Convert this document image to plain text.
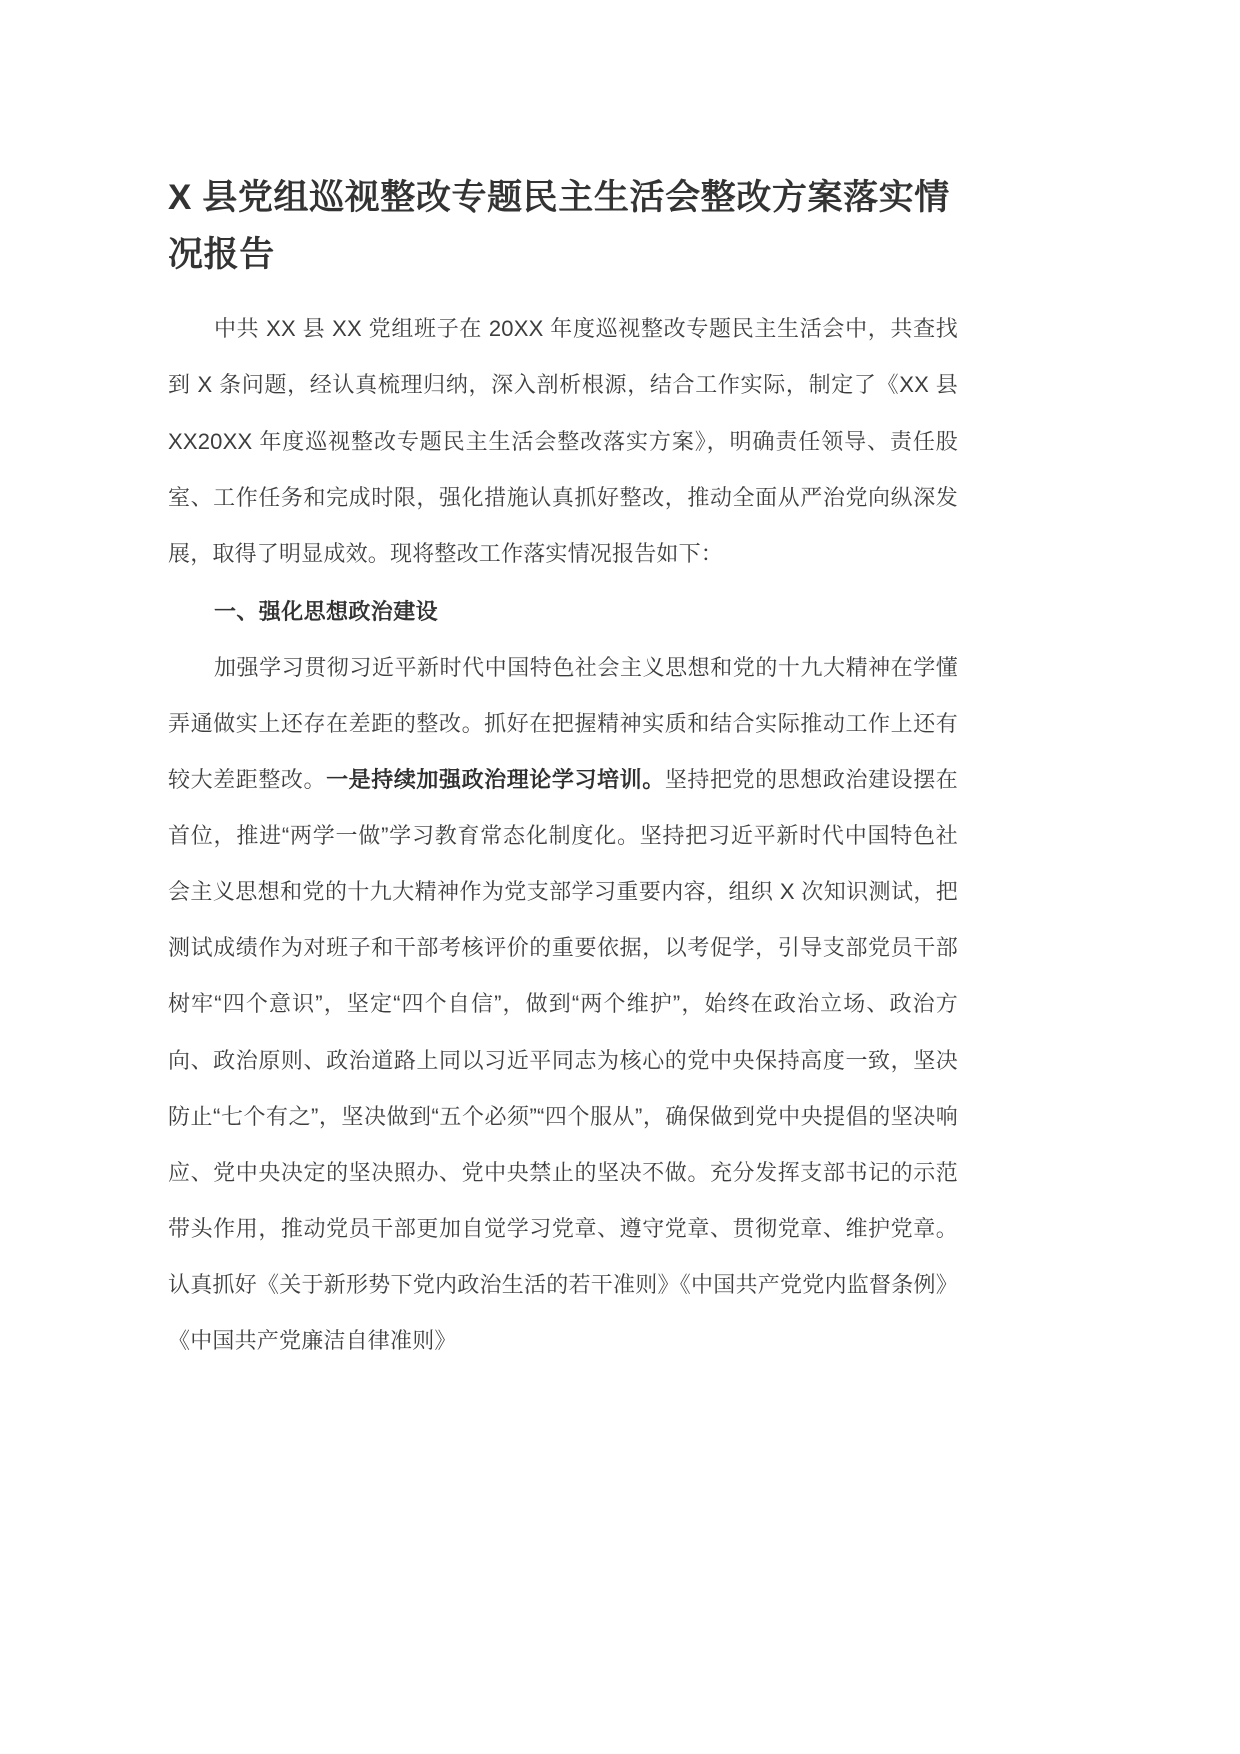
X 县党组巡视整改专题民主生活会整改方案落实情况报告

中共 XX 县 XX 党组班子在 20XX 年度巡视整改专题民主生活会中，共查找到 X 条问题，经认真梳理归纳，深入剖析根源，结合工作实际，制定了《XX 县 XX20XX 年度巡视整改专题民主生活会整改落实方案》，明确责任领导、责任股室、工作任务和完成时限，强化措施认真抓好整改，推动全面从严治党向纵深发展，取得了明显成效。现将整改工作落实情况报告如下：

一、强化思想政治建设

加强学习贯彻习近平新时代中国特色社会主义思想和党的十九大精神在学懂弄通做实上还存在差距的整改。抓好在把握精神实质和结合实际推动工作上还有较大差距整改。一是持续加强政治理论学习培训。坚持把党的思想政治建设摆在首位，推进“两学一做”学习教育常态化制度化。坚持把习近平新时代中国特色社会主义思想和党的十九大精神作为党支部学习重要内容，组织 X 次知识测试，把测试成绩作为对班子和干部考核评价的重要依据，以考促学，引导支部党员干部树牢“四个意识”，坚定“四个自信”，做到“两个维护”，始终在政治立场、政治方向、政治原则、政治道路上同以习近平同志为核心的党中央保持高度一致，坚决防止“七个有之”，坚决做到“五个必须”“四个服从”，确保做到党中央提倡的坚决响应、党中央决定的坚决照办、党中央禁止的坚决不做。充分发挥支部书记的示范带头作用，推动党员干部更加自觉学习党章、遵守党章、贯彻党章、维护党章。认真抓好《关于新形势下党内政治生活的若干准则》《中国共产党党内监督条例》《中国共产党廉洁自律准则》
